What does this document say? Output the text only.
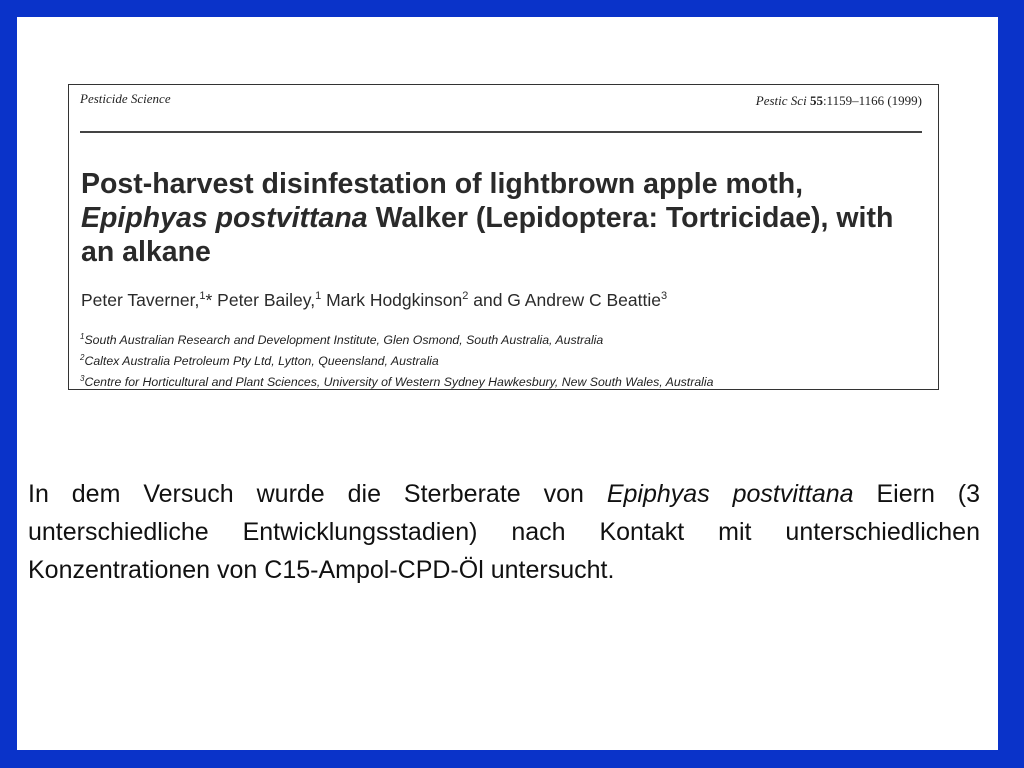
Pesticide Science	Pestic Sci 55:1159–1166 (1999)
Post-harvest disinfestation of lightbrown apple moth, Epiphyas postvittana Walker (Lepidoptera: Tortricidae), with an alkane
Peter Taverner,$^1$* Peter Bailey,$^1$ Mark Hodgkinson$^2$ and G Andrew C Beattie$^3$
$^1$South Australian Research and Development Institute, Glen Osmond, South Australia, Australia
$^2$Caltex Australia Petroleum Pty Ltd, Lytton, Queensland, Australia
$^3$Centre for Horticultural and Plant Sciences, University of Western Sydney Hawkesbury, New South Wales, Australia

In dem Versuch wurde die Sterberate von Epiphyas postvittana Eiern (3 unterschiedliche Entwicklungsstadien) nach Kontakt mit unterschiedlichen Konzentrationen von C15-Ampol-CPD-Öl untersucht.
